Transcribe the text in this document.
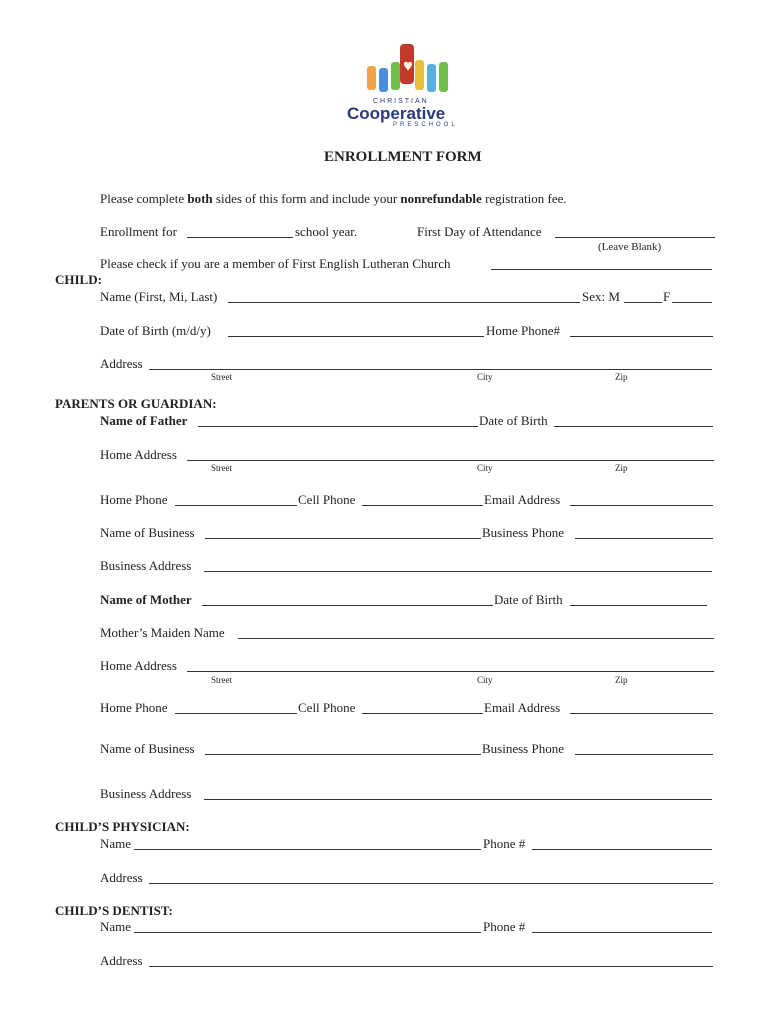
CHRISTIAN
Cooperative
PRESCHOOL
ENROLLMENT FORM
Please complete both sides of this form and include your nonrefundable registration fee.
Enrollment for	school year.	First Day of Attendance
(Leave Blank)
Please check if you are a member of First English Lutheran Church
CHILD:
Name (First, Mi, Last)	Sex: M	F
Date of Birth (m/d/y)	Home Phone#
Address
Street	City	Zip
PARENTS OR GUARDIAN:
Name of Father	Date of Birth
Home Address
Street	City	Zip
Home Phone	Cell Phone	Email Address
Name of Business	Business Phone
Business Address
Name of Mother	Date of Birth
Mother’s Maiden Name
Home Address
Street	City	Zip
Home Phone	Cell Phone	Email Address
Name of Business	Business Phone
Business Address
CHILD’S PHYSICIAN:
Name	Phone #
Address
CHILD’S DENTIST:
Name	Phone #
Address
